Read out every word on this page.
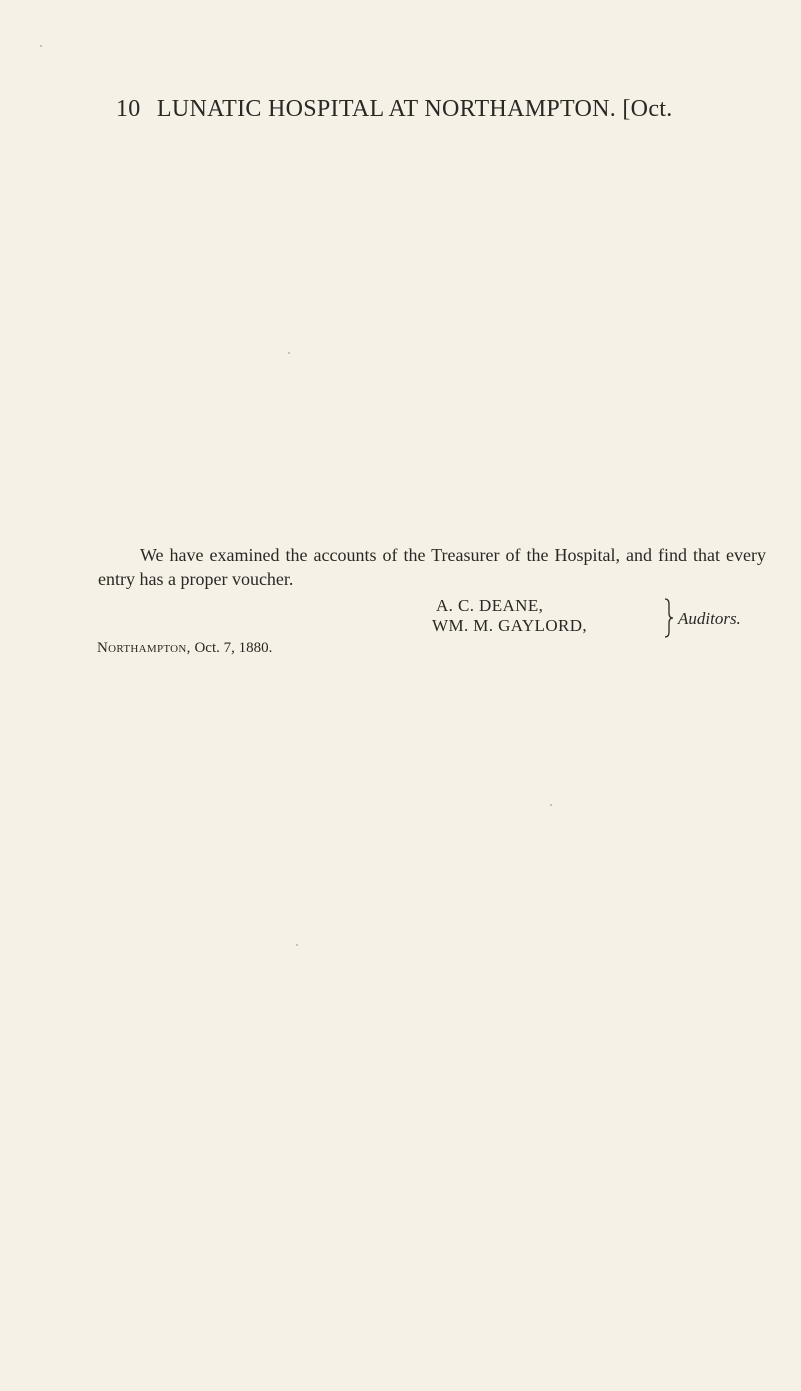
10 LUNATIC HOSPITAL AT NORTHAMPTON. [Oct.

We have examined the accounts of the Treasurer of the Hospital, and find that every entry has a proper voucher.

A. C. DEANE,
WM. M. GAYLORD,	Auditors.
Northampton, Oct. 7, 1880.
